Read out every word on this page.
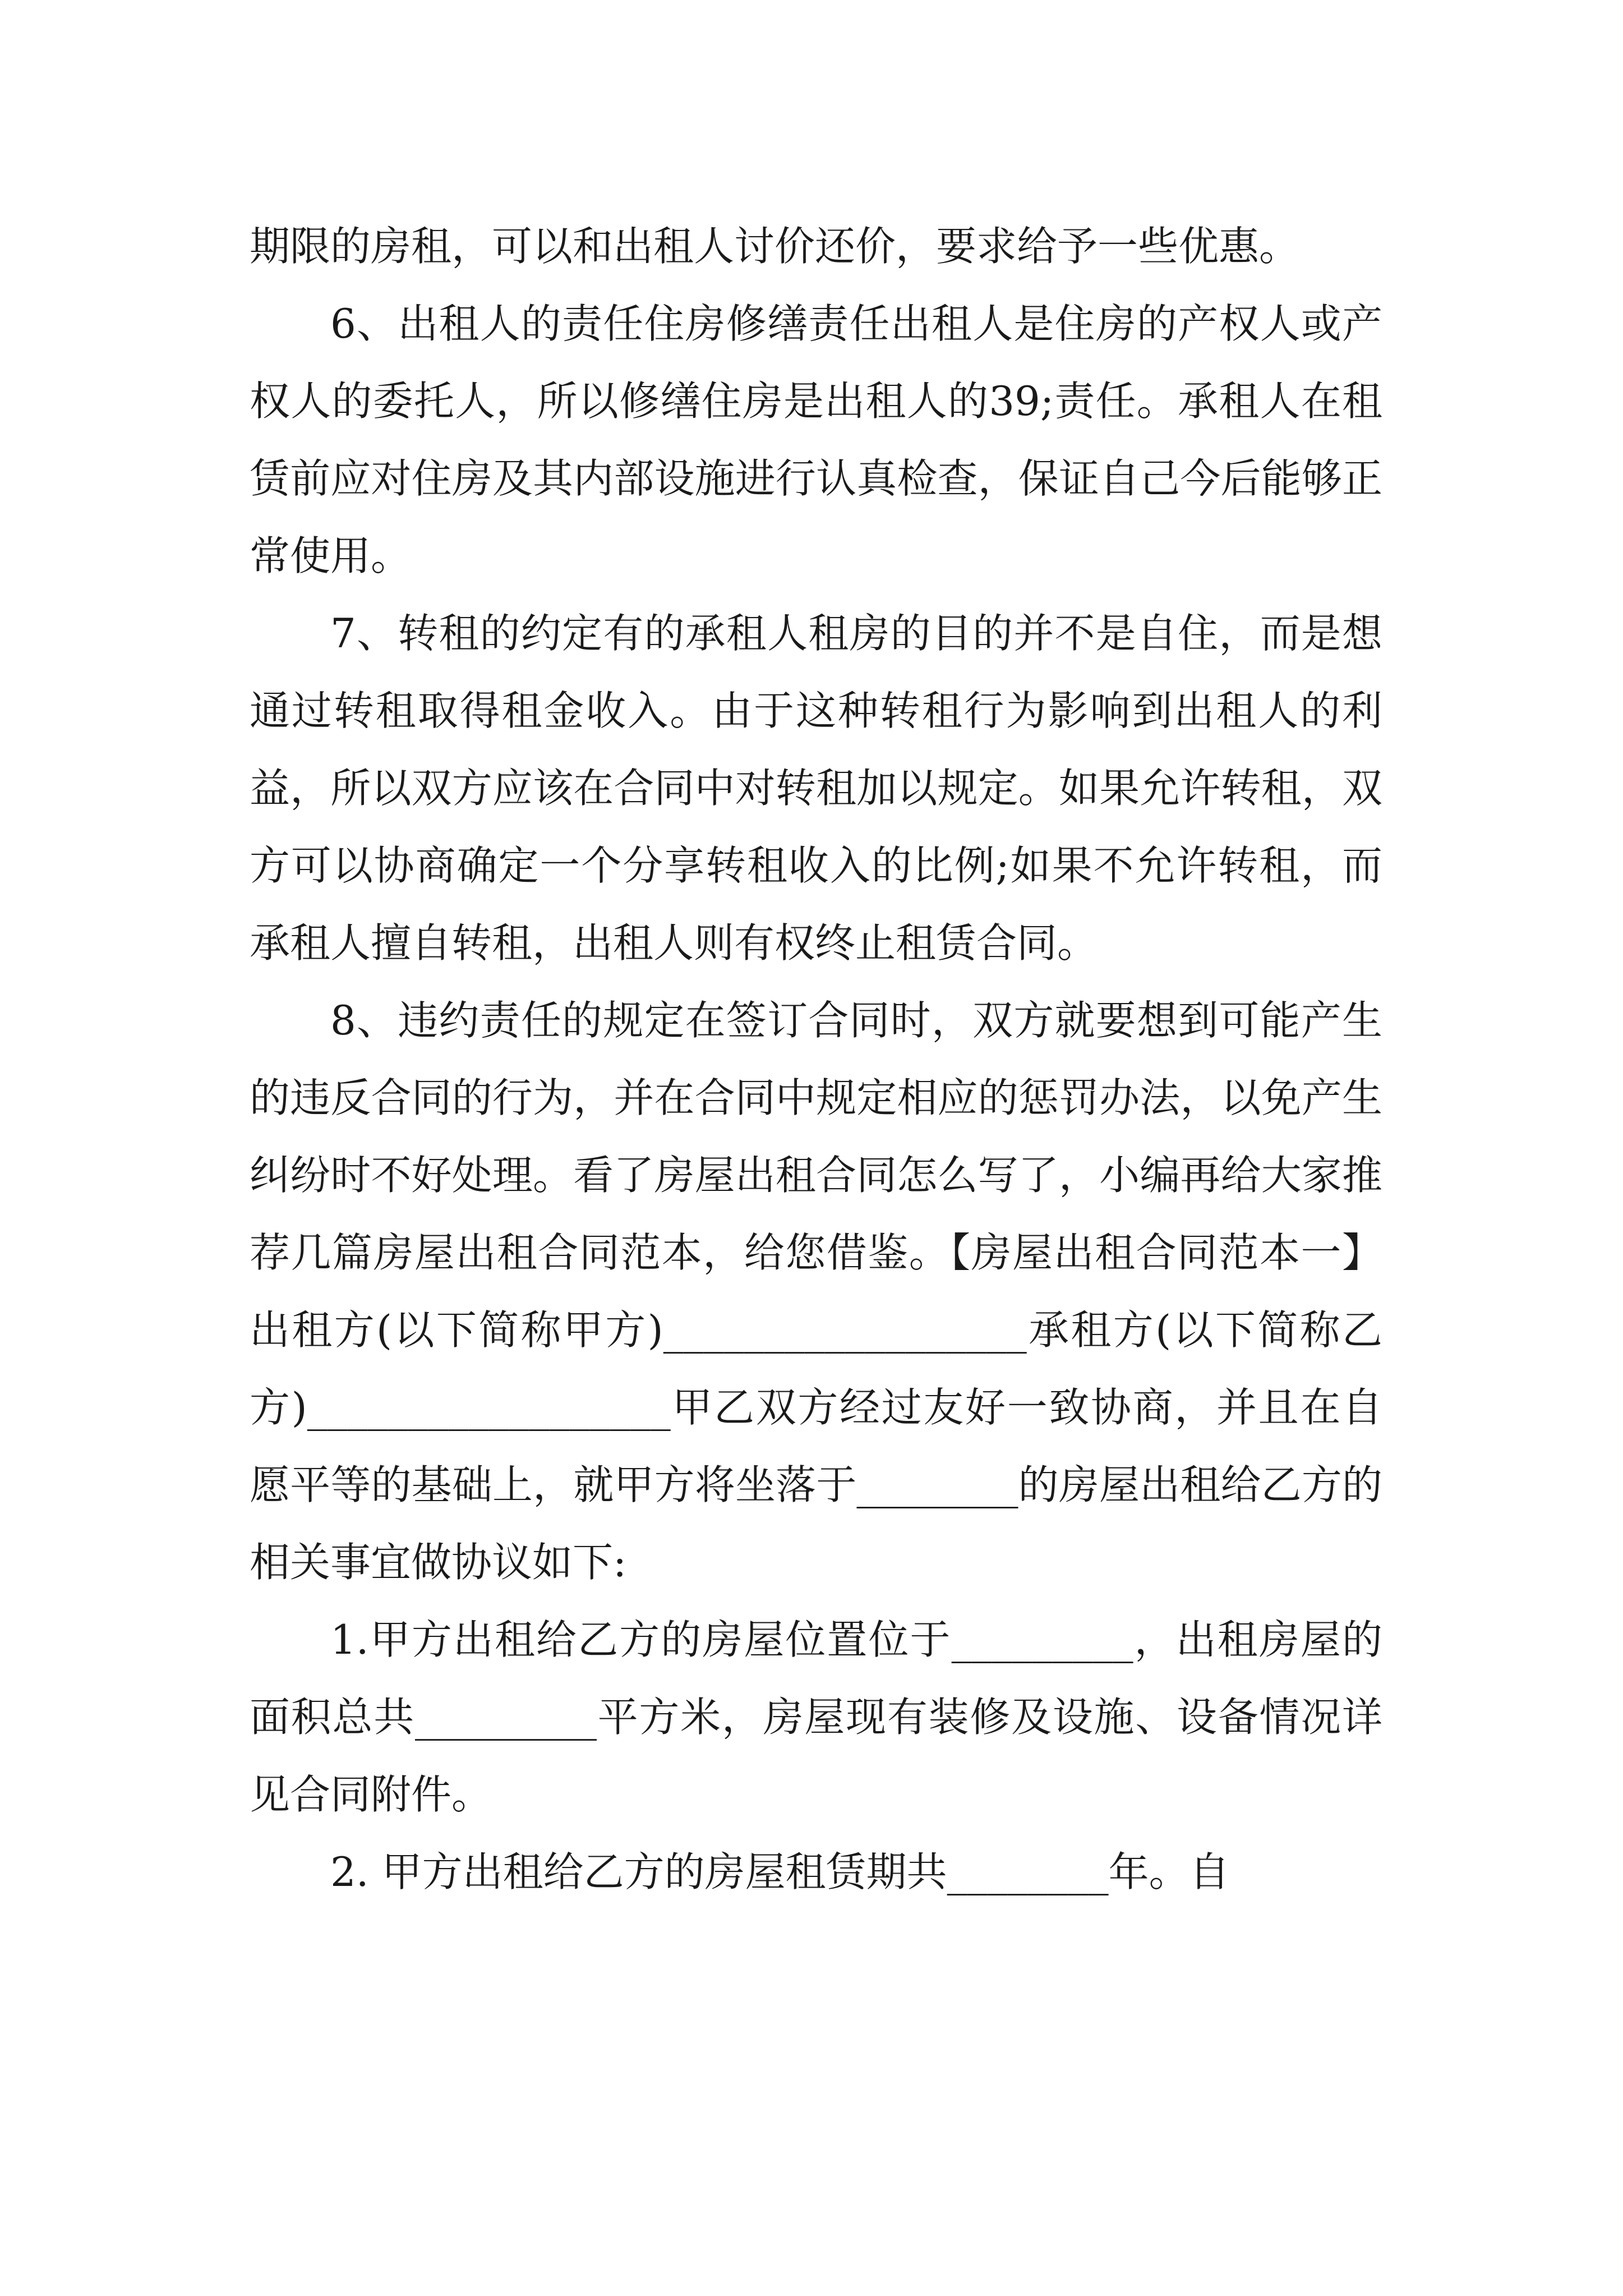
期限的房租，可以和出租人讨价还价，要求给予一些优惠。

6、出租人的责任住房修缮责任出租人是住房的产权人或产权人的委托人，所以修缮住房是出租人的39;责任。承租人在租赁前应对住房及其内部设施进行认真检查，保证自己今后能够正常使用。

7、转租的约定有的承租人租房的目的并不是自住，而是想通过转租取得租金收入。由于这种转租行为影响到出租人的利益，所以双方应该在合同中对转租加以规定。如果允许转租，双方可以协商确定一个分享转租收入的比例;如果不允许转租，而承租人擅自转租，出租人则有权终止租赁合同。

8、违约责任的规定在签订合同时，双方就要想到可能产生的违反合同的行为，并在合同中规定相应的惩罚办法，以免产生纠纷时不好处理。看了房屋出租合同怎么写了，小编再给大家推荐几篇房屋出租合同范本，给您借鉴。【房屋出租合同范本一】出租方(以下简称甲方)__________________承租方(以下简称乙方)__________________甲乙双方经过友好一致协商，并且在自愿平等的基础上，就甲方将坐落于________的房屋出租给乙方的相关事宜做协议如下:

1.甲方出租给乙方的房屋位置位于_________，出租房屋的面积总共_________平方米，房屋现有装修及设施、设备情况详见合同附件。

2. 甲方出租给乙方的房屋租赁期共________年。自
